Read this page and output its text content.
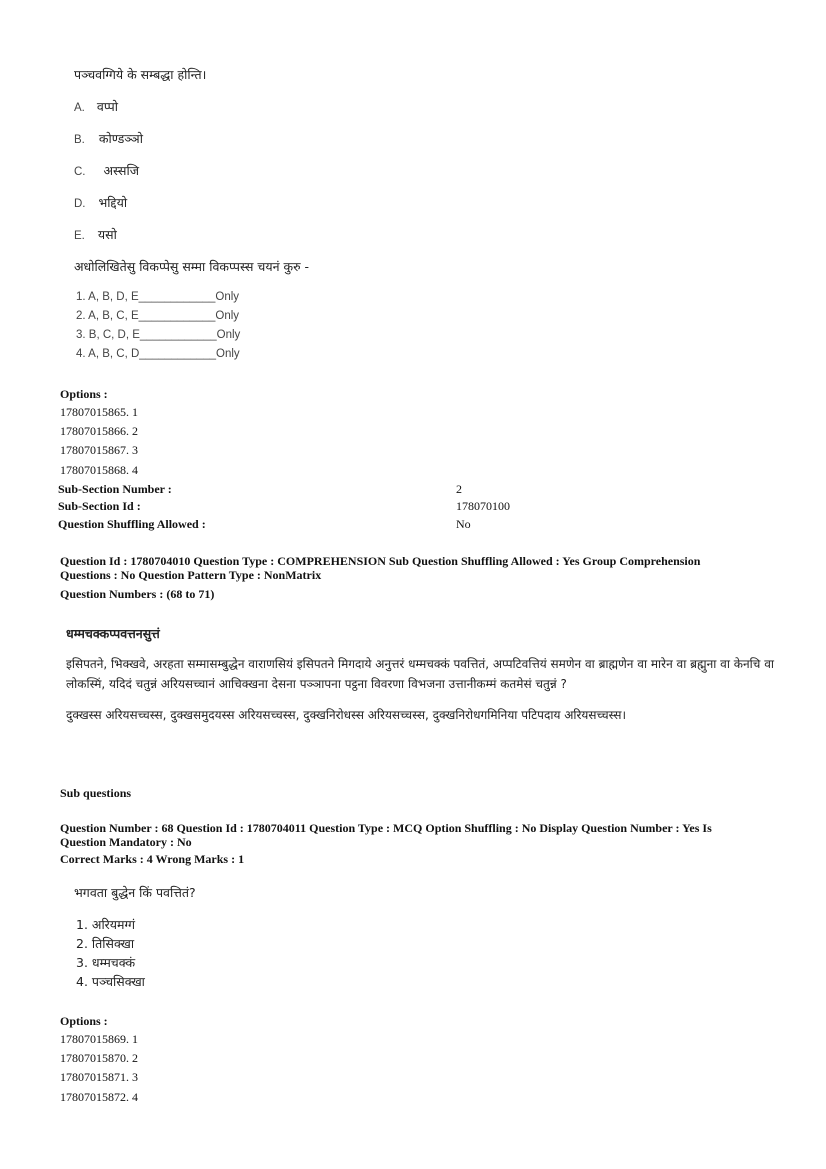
पञ्चवग्गिये के सम्बद्धा होन्ति।
A. वप्पो
B. कोण्डञ्ञो
C. अस्सजि
D. भद्दियो
E. यसो
अधोलिखितेसु विकप्पेसु सम्मा विकप्पस्स चयनं कुरु -
1. A, B, D, E____________Only
2. A, B, C, E____________Only
3. B, C, D, E____________Only
4. A, B, C, D____________Only
Options :
17807015865. 1
17807015866. 2
17807015867. 3
17807015868. 4
Sub-Section Number :	2
Sub-Section Id :	178070100
Question Shuffling Allowed :	No
Question Id : 1780704010 Question Type : COMPREHENSION Sub Question Shuffling Allowed : Yes Group Comprehension
Questions : No Question Pattern Type : NonMatrix
Question Numbers : (68 to 71)
धम्मचक्कप्पवत्तनसुत्तं
इसिपतने, भिक्खवे, अरहता सम्मासम्बुद्धेन वाराणसियं इसिपतने मिगदाये अनुत्तरं धम्मचक्कं पवत्तितं, अप्पटिवत्तियं समणेन वा ब्राह्मणेन वा मारेन वा ब्रह्मुना वा केनचि वा लोकस्मिं, यदिदं चतुन्नं अरियसच्चानं आचिक्खना देसना पञ्ञापना पट्ठना विवरणा विभजना उत्तानीकम्मं कतमेसं चतुन्नं ?
दुक्खस्स अरियसच्चस्स, दुक्खसमुदयस्स अरियसच्चस्स, दुक्खनिरोधस्स अरियसच्चस्स, दुक्खनिरोधगमिनिया पटिपदाय अरियसच्चस्स।
Sub questions
Question Number : 68 Question Id : 1780704011 Question Type : MCQ Option Shuffling : No Display Question Number : Yes Is
Question Mandatory : No
Correct Marks : 4 Wrong Marks : 1
भगवता बुद्धेन किं पवत्तितं?
1. अरियमग्गं
2. तिसिक्खा
3. धम्मचक्कं
4. पञ्चसिक्खा
Options :
17807015869. 1
17807015870. 2
17807015871. 3
17807015872. 4
